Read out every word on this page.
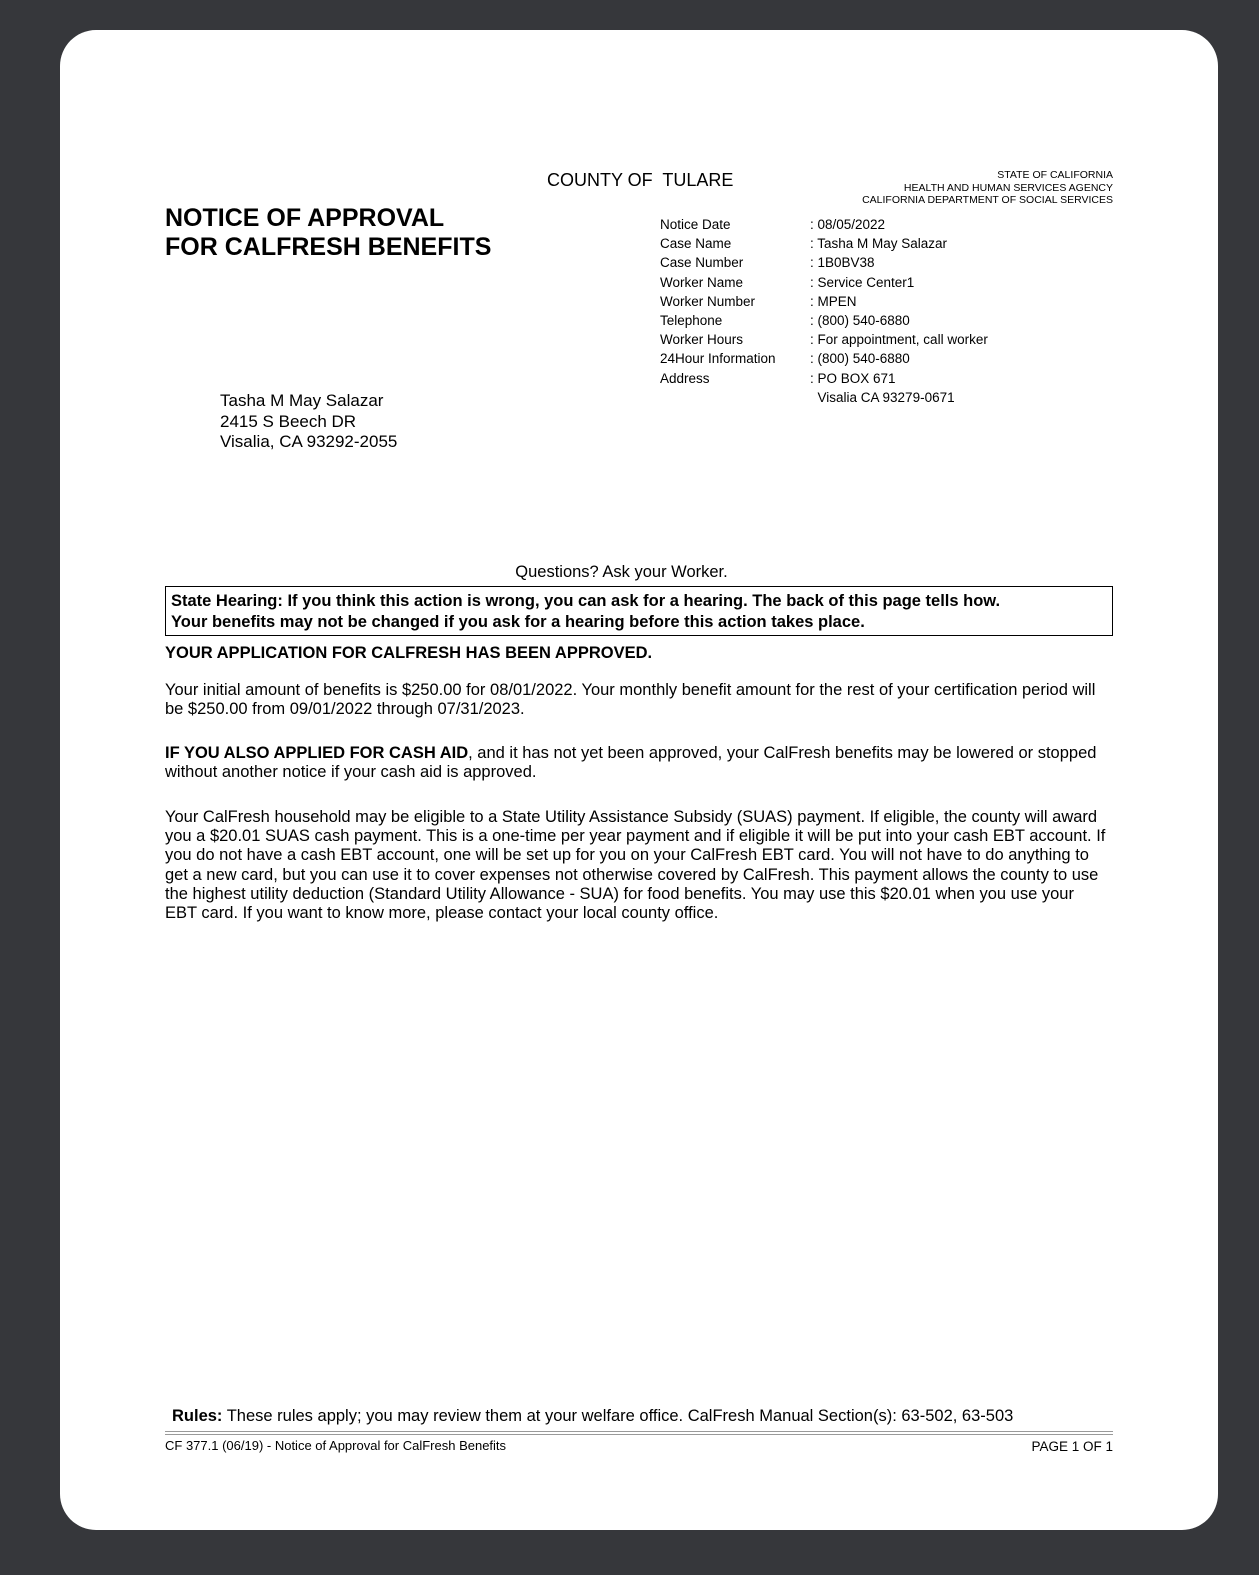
COUNTY OF  TULARE	STATE OF CALIFORNIA
HEALTH AND HUMAN SERVICES AGENCY
CALIFORNIA DEPARTMENT OF SOCIAL SERVICES
NOTICE OF APPROVAL
FOR CALFRESH BENEFITS
Notice Date	: 08/05/2022
Case Name	: Tasha M May Salazar
Case Number	: 1B0BV38
Worker Name	: Service Center1
Worker Number	: MPEN
Telephone	: (800) 540-6880
Worker Hours	: For appointment, call worker
24Hour Information	: (800) 540-6880
Address	: PO BOX 671
	Visalia CA 93279-0671
Tasha M May Salazar
2415 S Beech DR
Visalia, CA 93292-2055
Questions? Ask your Worker.
State Hearing: If you think this action is wrong, you can ask for a hearing. The back of this page tells how.
Your benefits may not be changed if you ask for a hearing before this action takes place.
YOUR APPLICATION FOR CALFRESH HAS BEEN APPROVED.
Your initial amount of benefits is $250.00 for 08/01/2022. Your monthly benefit amount for the rest of your certification period will be $250.00 from 09/01/2022 through 07/31/2023.
IF YOU ALSO APPLIED FOR CASH AID, and it has not yet been approved, your CalFresh benefits may be lowered or stopped without another notice if your cash aid is approved.
Your CalFresh household may be eligible to a State Utility Assistance Subsidy (SUAS) payment. If eligible, the county will award you a $20.01 SUAS cash payment. This is a one-time per year payment and if eligible it will be put into your cash EBT account. If you do not have a cash EBT account, one will be set up for you on your CalFresh EBT card. You will not have to do anything to get a new card, but you can use it to cover expenses not otherwise covered by CalFresh. This payment allows the county to use the highest utility deduction (Standard Utility Allowance - SUA) for food benefits. You may use this $20.01 when you use your EBT card. If you want to know more, please contact your local county office.
Rules: These rules apply; you may review them at your welfare office. CalFresh Manual Section(s): 63-502, 63-503
CF 377.1 (06/19) - Notice of Approval for CalFresh Benefits	PAGE 1 OF 1
